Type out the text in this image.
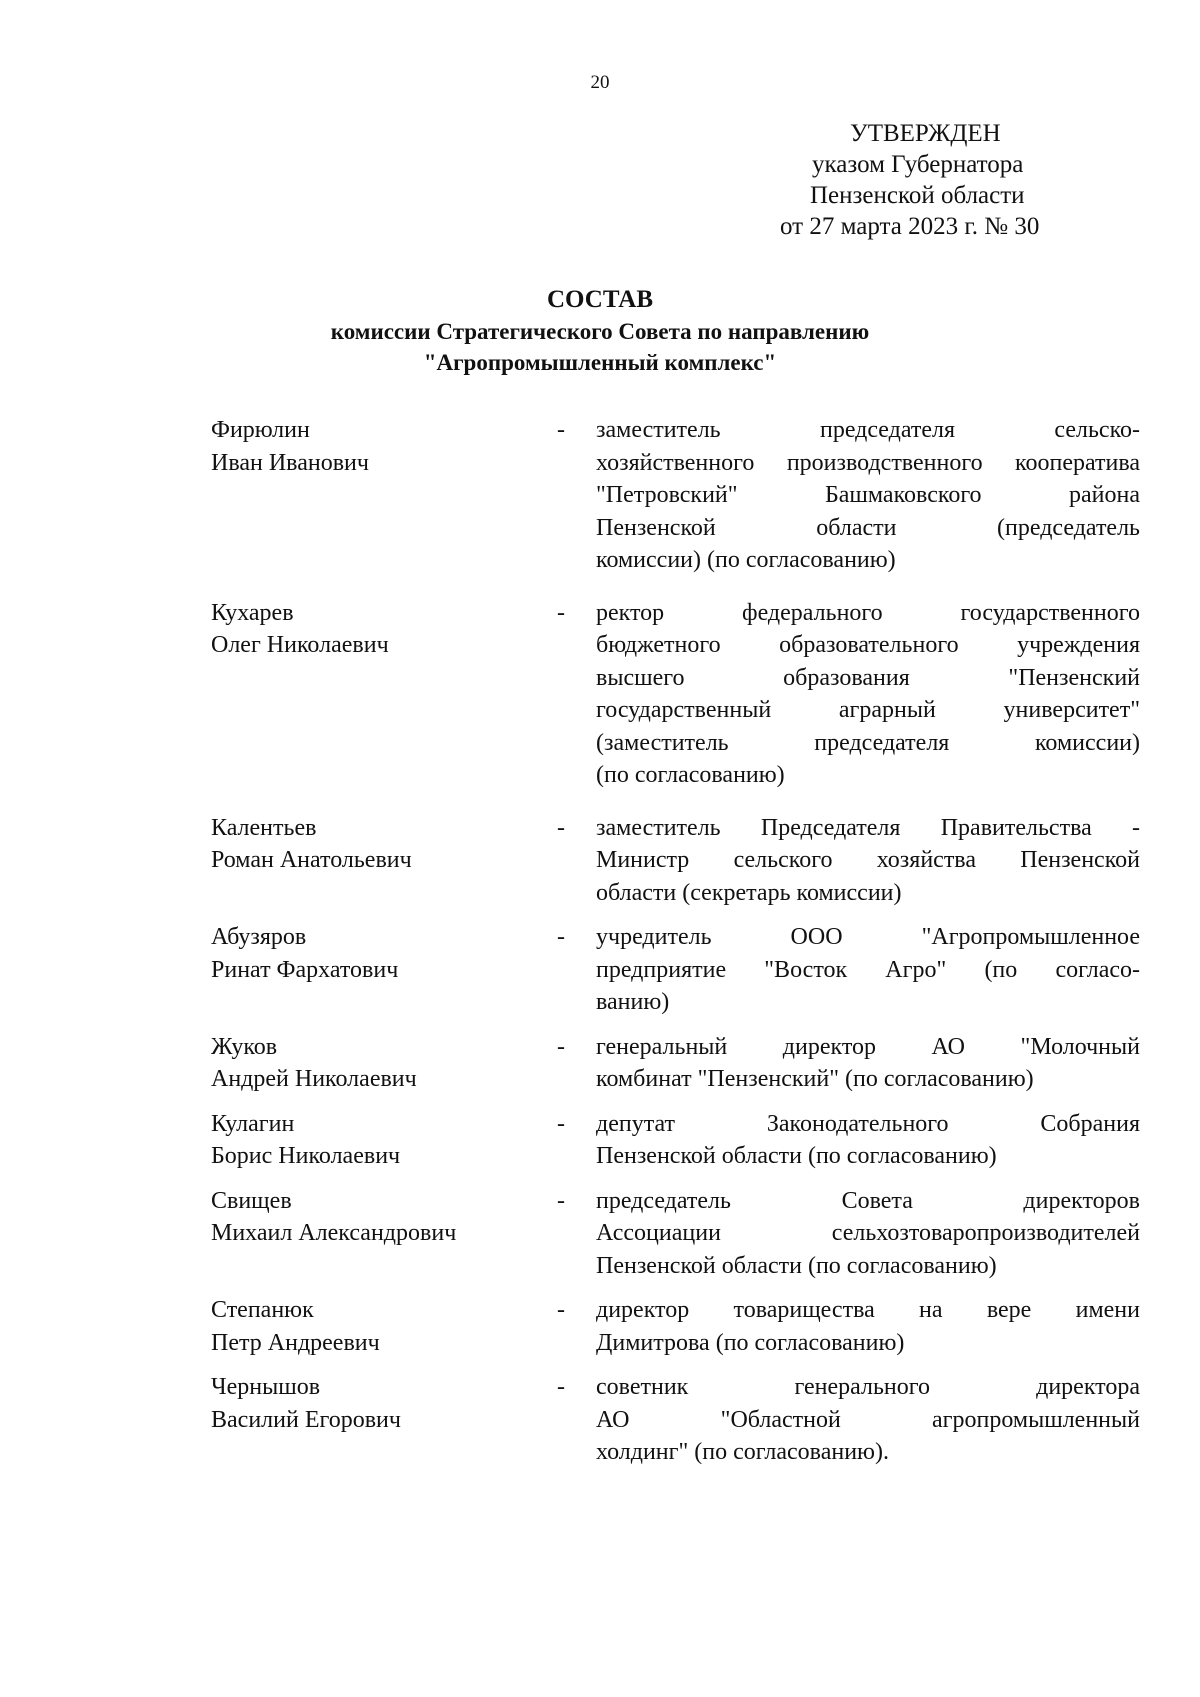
20
УТВЕРЖДЕН
указом Губернатора
Пензенской области
от 27 марта 2023 г. № 30
СОСТАВ
комиссии Стратегического Совета по направлению
"Агропромышленный комплекс"
Фирюлин
Иван Иванович
- заместитель председателя сельско-
хозяйственного производственного кооператива
"Петровский" Башмаковского района
Пензенской области (председатель
комиссии) (по согласованию)
Кухарев
Олег Николаевич
- ректор федерального государственного
бюджетного образовательного учреждения
высшего образования "Пензенский
государственный аграрный университет"
(заместитель председателя комиссии)
(по согласованию)
Калентьев
Роман Анатольевич
- заместитель Председателя Правительства -
Министр сельского хозяйства Пензенской
области (секретарь комиссии)
Абузяров
Ринат Фархатович
- учредитель ООО "Агропромышленное
предприятие "Восток Агро" (по согласо-
ванию)
Жуков
Андрей Николаевич
- генеральный директор АО "Молочный
комбинат "Пензенский" (по согласованию)
Кулагин
Борис Николаевич
- депутат Законодательного Собрания
Пензенской области (по согласованию)
Свищев
Михаил Александрович
- председатель Совета директоров
Ассоциации сельхозтоваропроизводителей
Пензенской области (по согласованию)
Степанюк
Петр Андреевич
- директор товарищества на вере имени
Димитрова (по согласованию)
Чернышов
Василий Егорович
- советник генерального директора
АО "Областной агропромышленный
холдинг" (по согласованию).
